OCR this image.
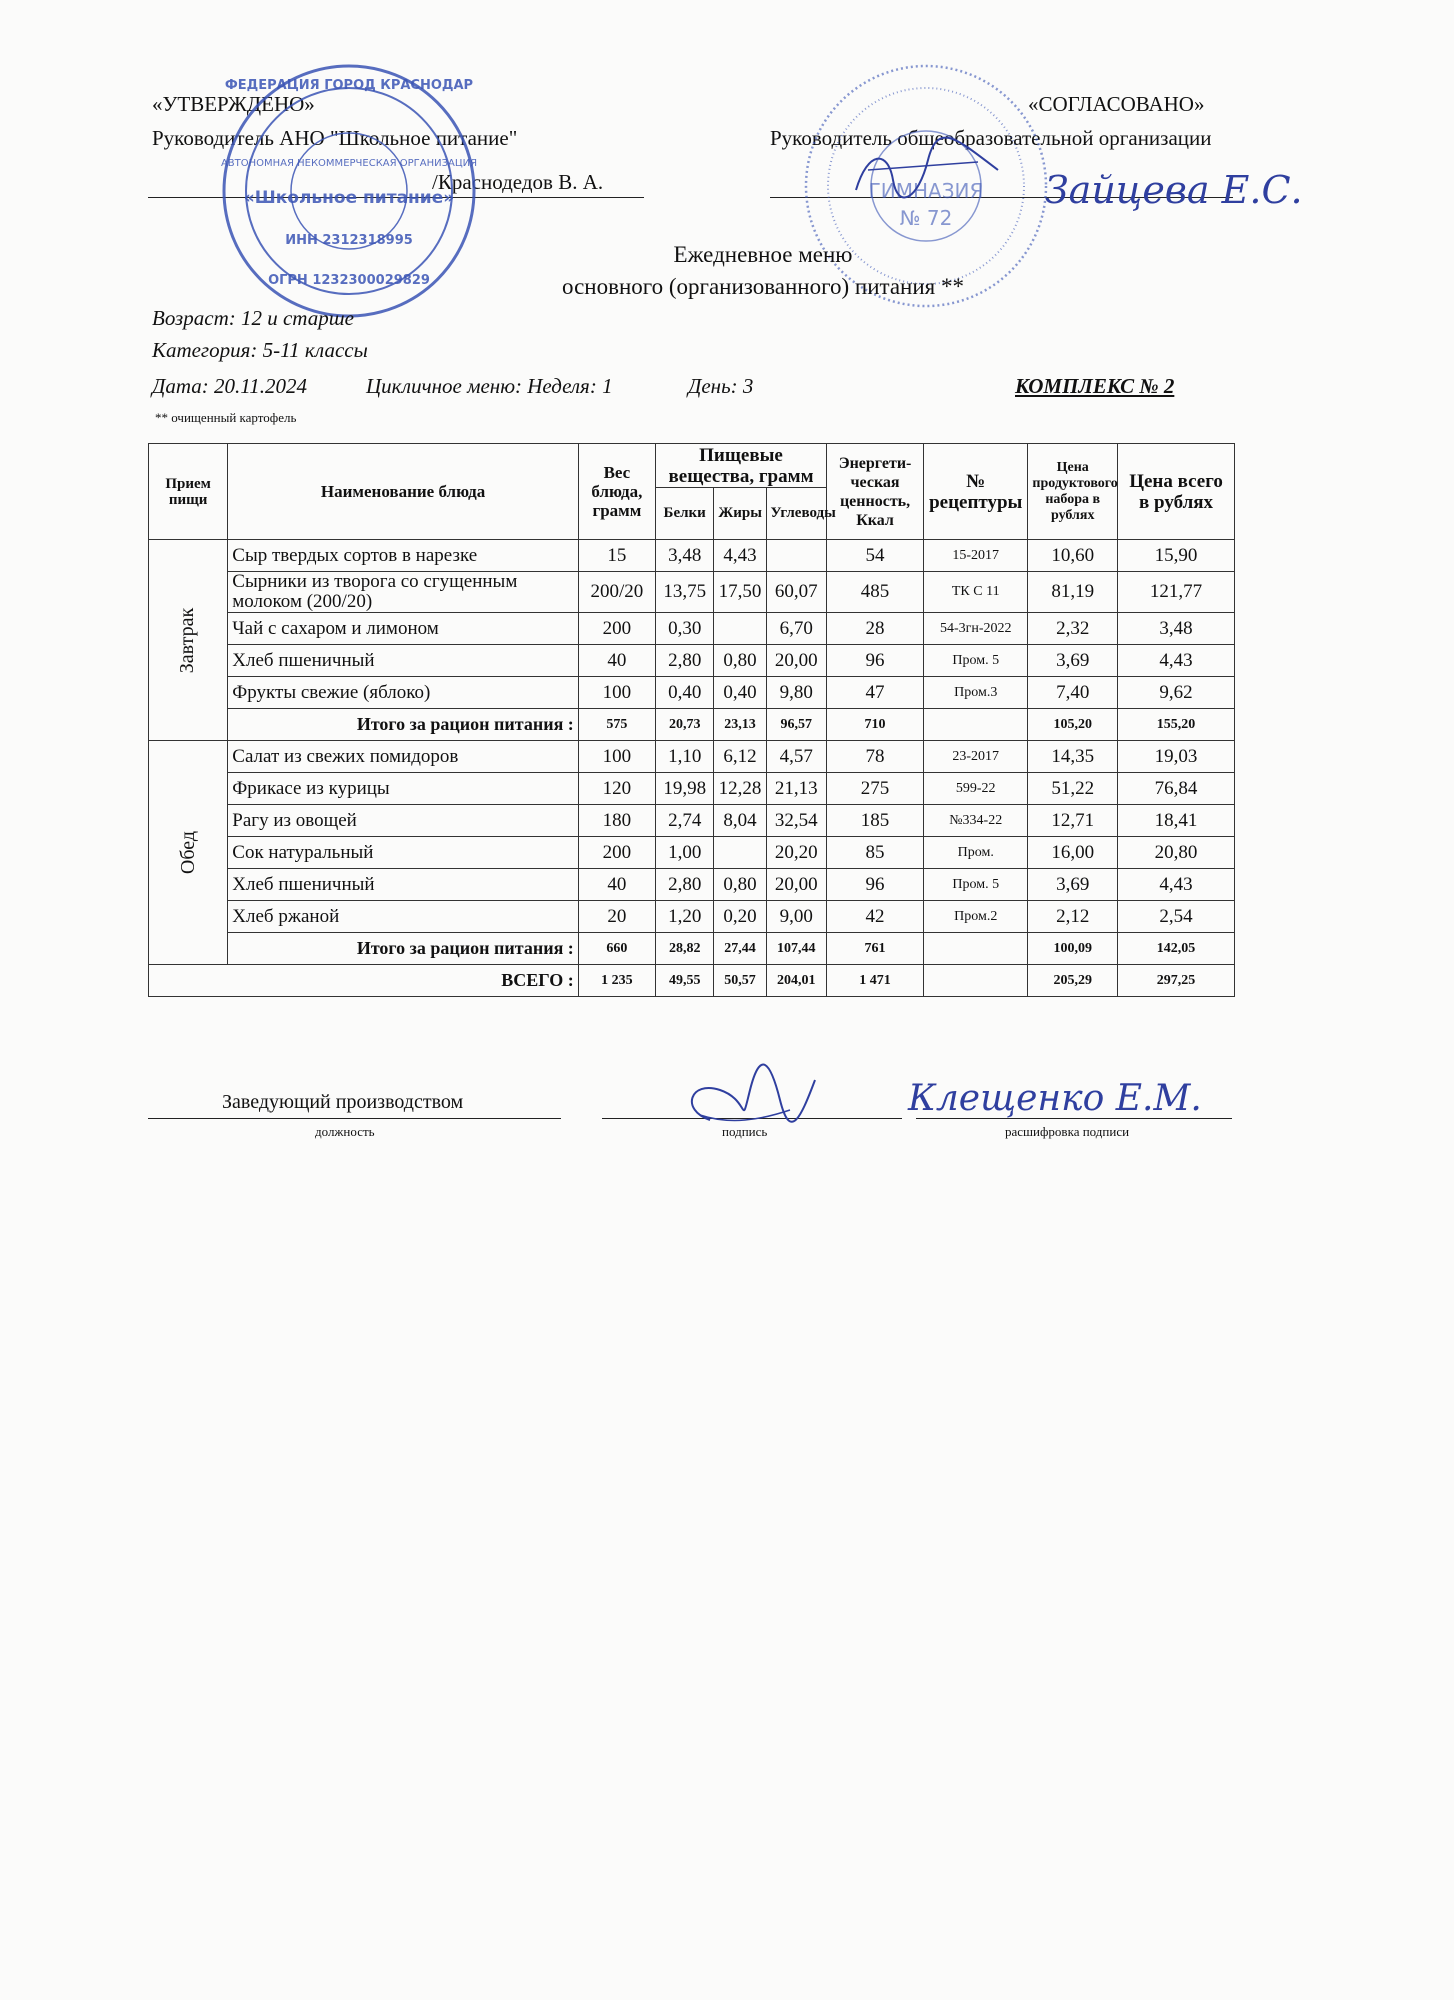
«УТВЕРЖДЕНО»
Руководитель АНО "Школьное питание"
/Краснодедов В. А.
«СОГЛАСОВАНО»
Руководитель общеобразовательной организации
ФЕДЕРАЦИЯ ГОРОД КРАСНОДАР
АВТОНОМНАЯ НЕКОММЕРЧЕСКАЯ ОРГАНИЗАЦИЯ
«Школьное питание»
ИНН 2312318995
ОГРН 1232300029829
ГИМНАЗИЯ
№ 72
Зайцева Е.С.
Ежедневное меню
основного (организованного) питания **
Возраст: 12 и старше
Категория: 5-11 классы
Дата: 20.11.2024	Цикличное меню: Неделя: 1	День: 3	КОМПЛЕКС № 2
** очищенный картофель
Прием пищи	Наименование блюда	Вес блюда, грамм	Пищевые вещества, грамм			Энергети- ческая ценность, Ккал	№ рецептуры	Цена продуктового набора в рублях	Цена всего в рублях
			Белки	Жиры	Углеводы				
Завтрак	Сыр твердых сортов в нарезке	15	3,48	4,43		54	15-2017	10,60	15,90
	Сырники из творога со сгущенным молоком (200/20)	200/20	13,75	17,50	60,07	485	ТК С 11	81,19	121,77
	Чай с сахаром и лимоном	200	0,30		6,70	28	54-3гн-2022	2,32	3,48
	Хлеб пшеничный	40	2,80	0,80	20,00	96	Пром. 5	3,69	4,43
	Фрукты свежие (яблоко)	100	0,40	0,40	9,80	47	Пром.3	7,40	9,62
	Итого за рацион питания :	575	20,73	23,13	96,57	710		105,20	155,20
Обед	Салат из свежих помидоров	100	1,10	6,12	4,57	78	23-2017	14,35	19,03
	Фрикасе из курицы	120	19,98	12,28	21,13	275	599-22	51,22	76,84
	Рагу из овощей	180	2,74	8,04	32,54	185	№334-22	12,71	18,41
	Сок натуральный	200	1,00		20,20	85	Пром.	16,00	20,80
	Хлеб пшеничный	40	2,80	0,80	20,00	96	Пром. 5	3,69	4,43
	Хлеб ржаной	20	1,20	0,20	9,00	42	Пром.2	2,12	2,54
	Итого за рацион питания :	660	28,82	27,44	107,44	761		100,09	142,05
ВСЕГО :		1 235	49,55	50,57	204,01	1 471		205,29	297,25
Заведующий производством
должность	подпись	расшифровка подписи
Клещенко Е.М.
